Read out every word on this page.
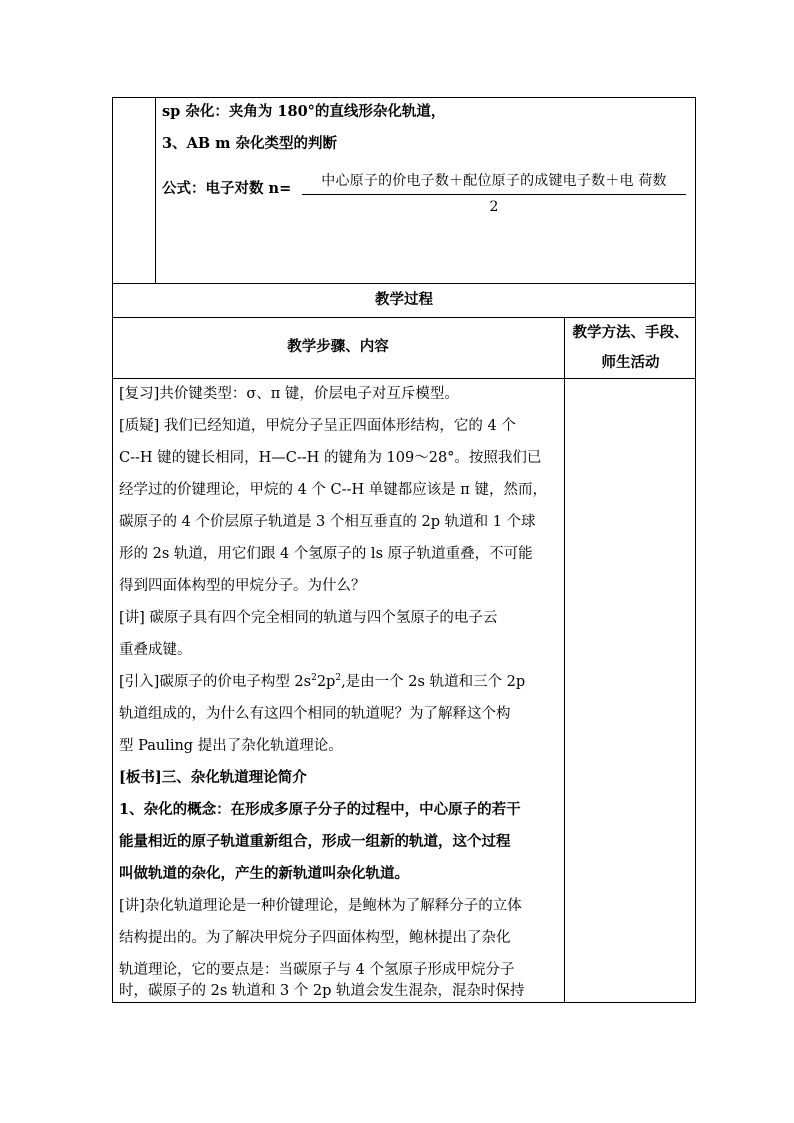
sp 杂化：夹角为 180°的直线形杂化轨道，
3、AB m 杂化类型的判断
公式：电子对数 n=	中心原子的价电子数＋配位原子的成键电子数＋电 荷数
2
教学过程
教学步骤、内容
教学方法、手段、
师生活动
[复习]共价键类型：σ、π 键，价层电子对互斥模型。
[质疑] 我们已经知道，甲烷分子呈正四面体形结构，它的 4 个
C--H 键的键长相同，H—C--H 的键角为 109～28°。按照我们已
经学过的价键理论，甲烷的 4 个 C--H 单键都应该是 π 键，然而，
碳原子的 4 个价层原子轨道是 3 个相互垂直的 2p 轨道和 1 个球
形的 2s 轨道，用它们跟 4 个氢原子的 ls 原子轨道重叠，不可能
得到四面体构型的甲烷分子。为什么？
[讲] 碳原子具有四个完全相同的轨道与四个氢原子的电子云
重叠成键。
[引入]碳原子的价电子构型 $2s^22p^2$,是由一个 2s 轨道和三个 2p
轨道组成的，为什么有这四个相同的轨道呢？为了解释这个构
型 Pauling 提出了杂化轨道理论。
[板书]三、杂化轨道理论简介
1、杂化的概念：在形成多原子分子的过程中，中心原子的若干
能量相近的原子轨道重新组合，形成一组新的轨道，这个过程
叫做轨道的杂化，产生的新轨道叫杂化轨道。
[讲]杂化轨道理论是一种价键理论，是鲍林为了解释分子的立体
结构提出的。为了解决甲烷分子四面体构型，鲍林提出了杂化
轨道理论，它的要点是：当碳原子与 4 个氢原子形成甲烷分子
时，碳原子的 2s 轨道和 3 个 2p 轨道会发生混杂，混杂时保持
